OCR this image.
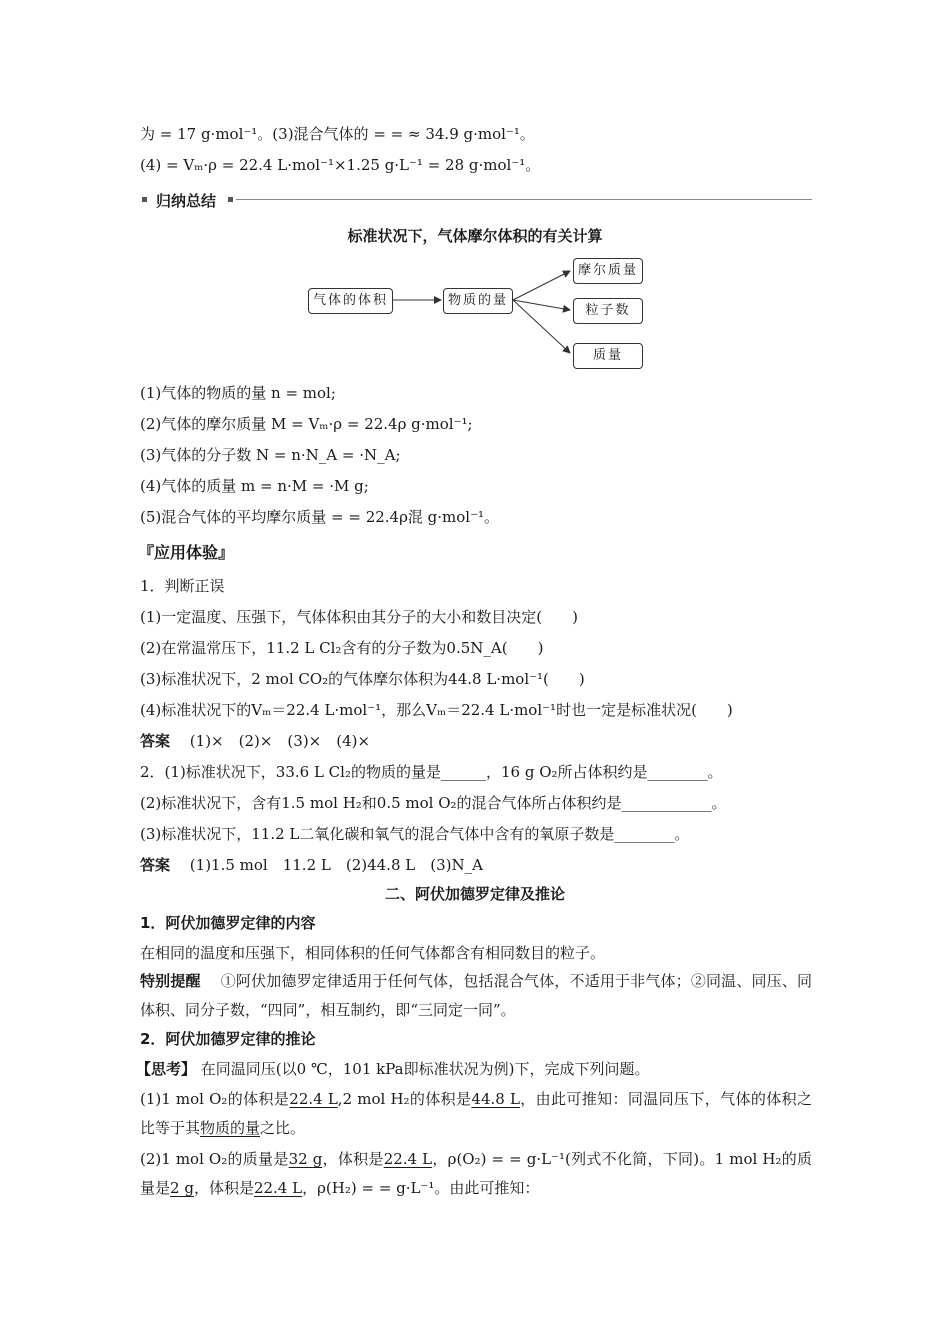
为 = 17 g·mol⁻¹。(3)混合气体的 = = ≈ 34.9 g·mol⁻¹。
(4) = Vₘ·ρ = 22.4 L·mol⁻¹×1.25 g·L⁻¹ = 28 g·mol⁻¹。
归纳总结
标准状况下，气体摩尔体积的有关计算
气体的体积	物质的量
摩尔质量
粒子数
质量
(1)气体的物质的量 n = mol;
(2)气体的摩尔质量 M = Vₘ·ρ = 22.4ρ g·mol⁻¹;
(3)气体的分子数 N = n·N_A = ·N_A;
(4)气体的质量 m = n·M = ·M g;
(5)混合气体的平均摩尔质量 = = 22.4ρ混 g·mol⁻¹。
『应用体验』
1．判断正误
(1)一定温度、压强下，气体体积由其分子的大小和数目决定(　　)
(2)在常温常压下，11.2 L Cl₂含有的分子数为0.5N_A(　　)
(3)标准状况下，2 mol CO₂的气体摩尔体积为44.8 L·mol⁻¹(　　)
(4)标准状况下的Vₘ＝22.4 L·mol⁻¹，那么Vₘ＝22.4 L·mol⁻¹时也一定是标准状况(　　)
答案　 (1)×　(2)×　(3)×　(4)×
2．(1)标准状况下，33.6 L Cl₂的物质的量是______，16 g O₂所占体积约是________。
(2)标准状况下，含有1.5 mol H₂和0.5 mol O₂的混合气体所占体积约是____________。
(3)标准状况下，11.2 L二氧化碳和氧气的混合气体中含有的氧原子数是________。
答案　 (1)1.5 mol　11.2 L　(2)44.8 L　(3)N_A
二、阿伏加德罗定律及推论
1．阿伏加德罗定律的内容
在相同的温度和压强下，相同体积的任何气体都含有相同数目的粒子。
特别提醒　 ①阿伏加德罗定律适用于任何气体，包括混合气体，不适用于非气体；②同温、同压、同体积、同分子数，“四同”，相互制约，即“三同定一同”。
2．阿伏加德罗定律的推论
【思考】 在同温同压(以0 ℃，101 kPa即标准状况为例)下，完成下列问题。
(1)1 mol O₂的体积是22.4 L,2 mol H₂的体积是44.8 L，由此可推知：同温同压下，气体的体积之比等于其物质的量之比。
(2)1 mol O₂的质量是32 g，体积是22.4 L，ρ(O₂) = = g·L⁻¹(列式不化简，下同)。1 mol H₂的质量是2 g，体积是22.4 L，ρ(H₂) = = g·L⁻¹。由此可推知：
